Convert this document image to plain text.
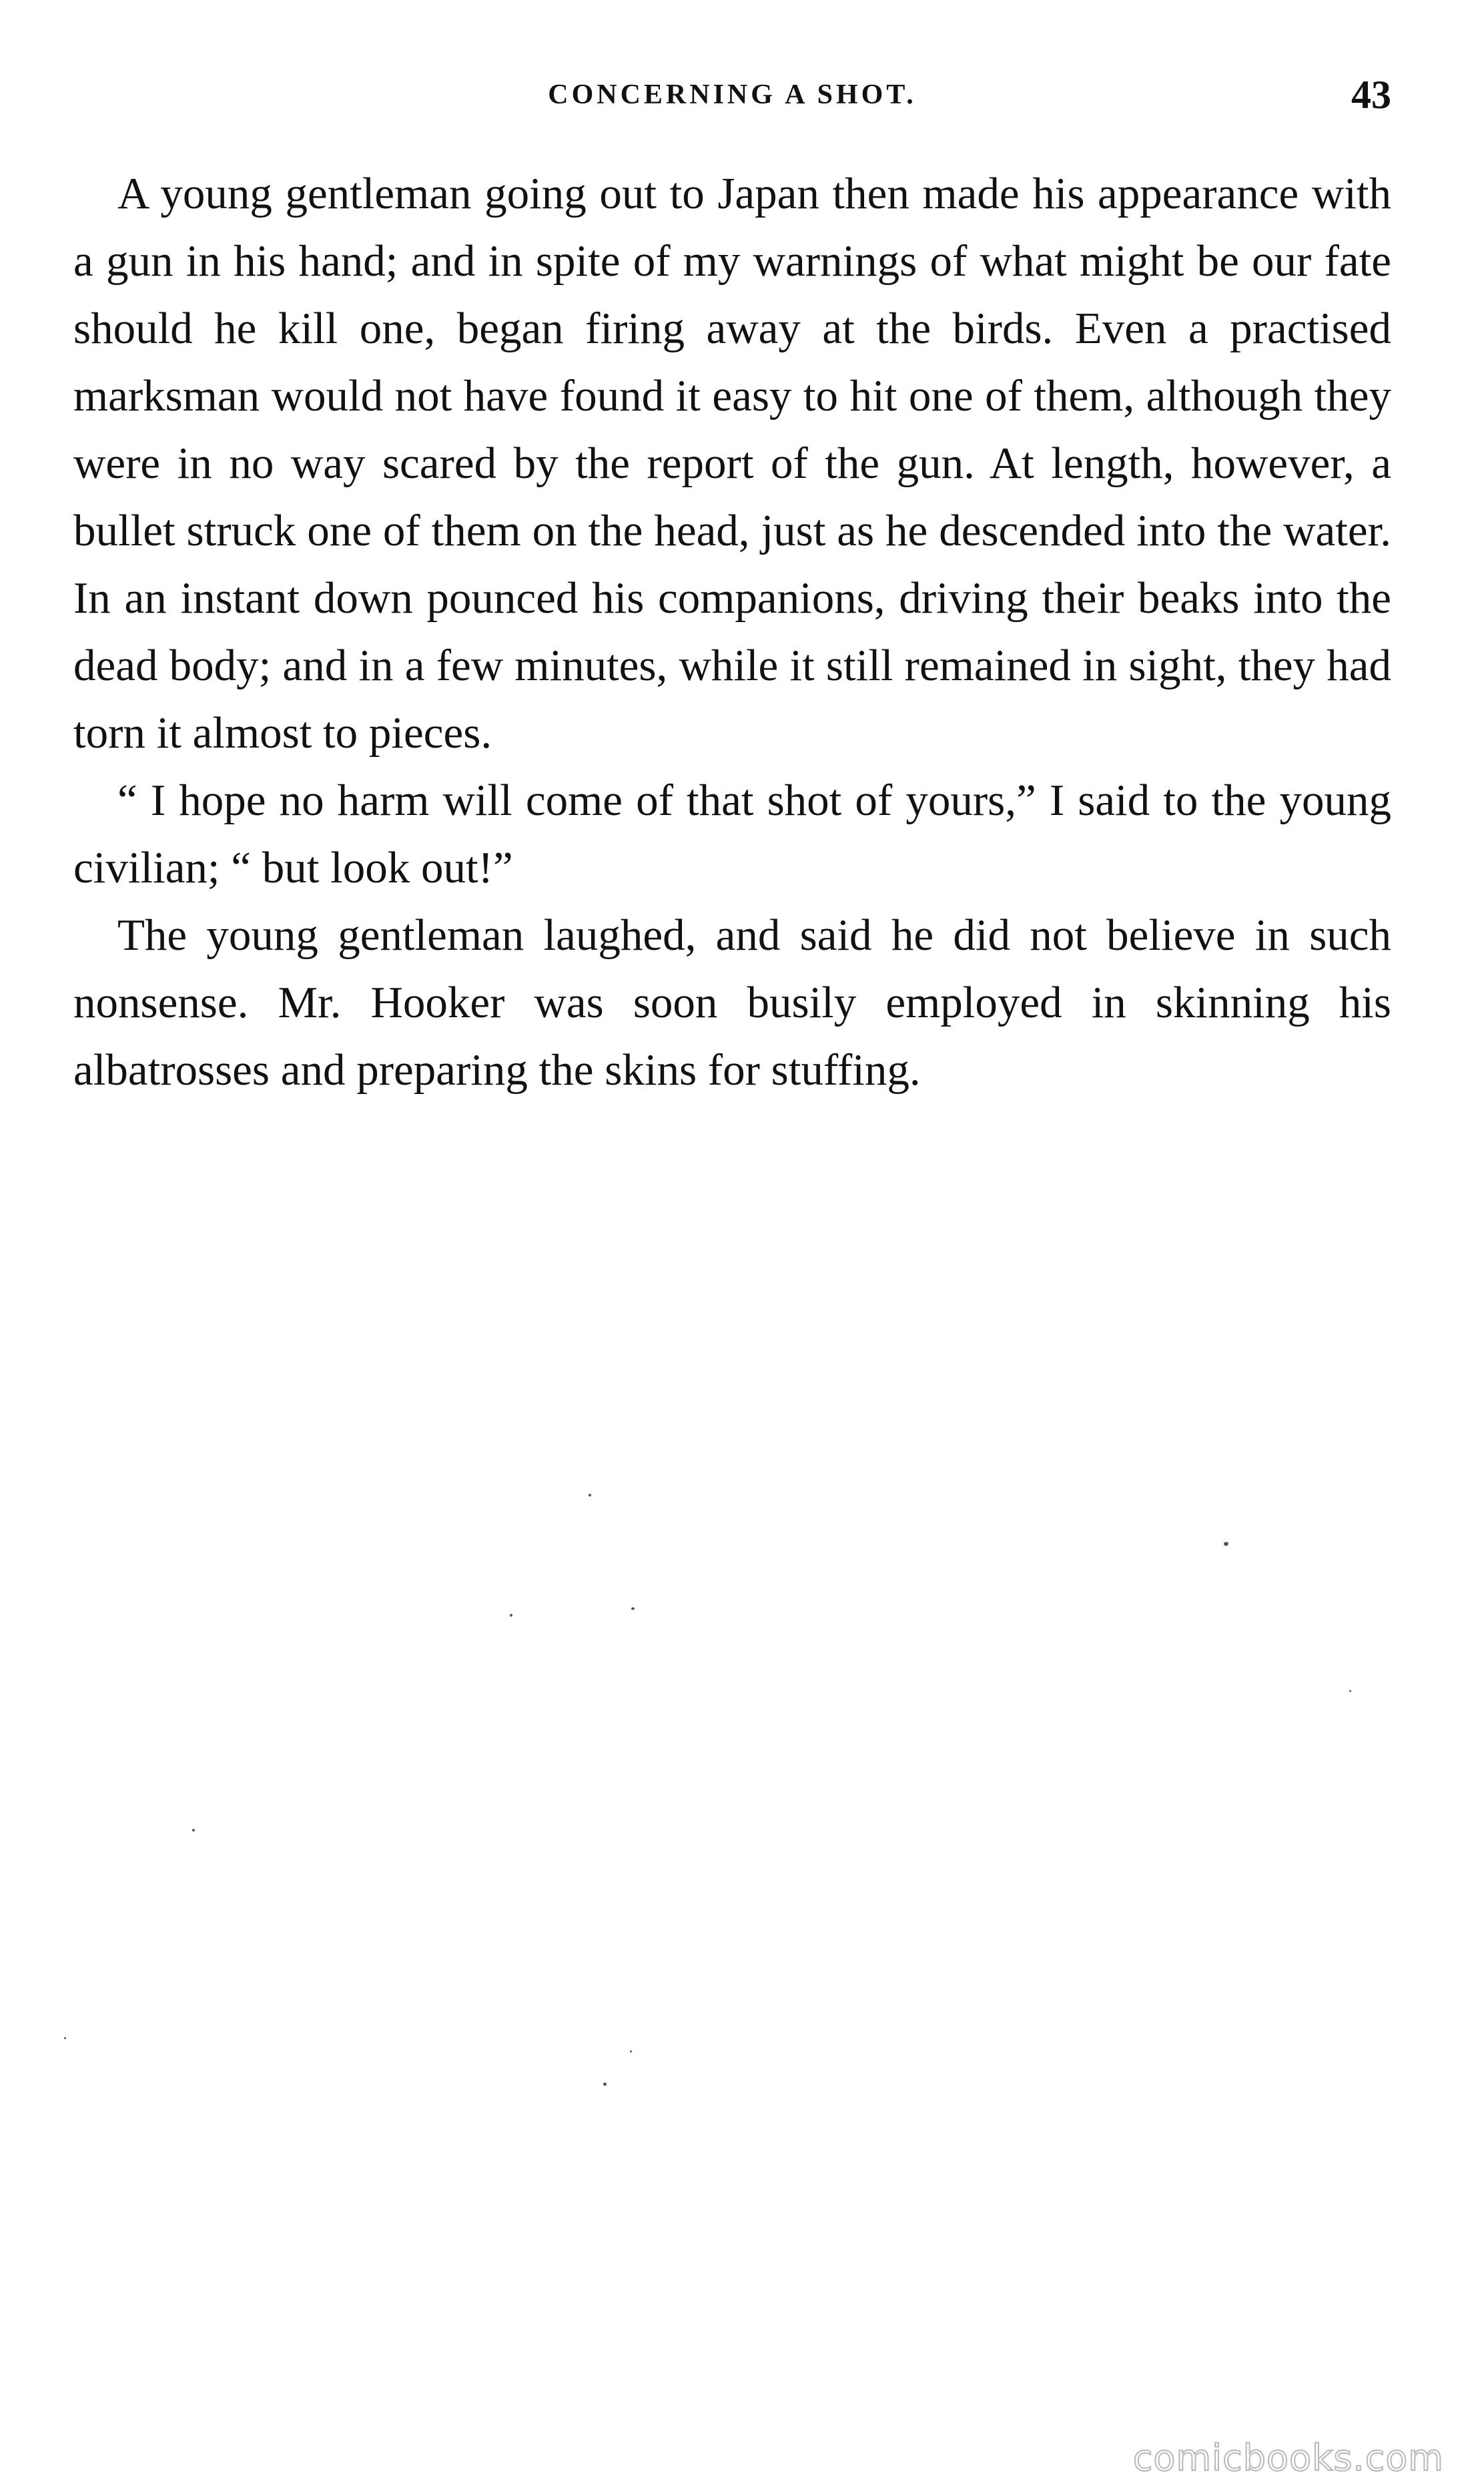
CONCERNING A SHOT.	43

A young gentleman going out to Japan then made his appearance with a gun in his hand; and in spite of my warnings of what might be our fate should he kill one, began firing away at the birds. Even a practised marksman would not have found it easy to hit one of them, although they were in no way scared by the report of the gun. At length, however, a bullet struck one of them on the head, just as he descended into the water. In an instant down pounced his companions, driving their beaks into the dead body; and in a few minutes, while it still remained in sight, they had torn it almost to pieces.

“ I hope no harm will come of that shot of yours,” I said to the young civilian; “ but look out!”

The young gentleman laughed, and said he did not believe in such nonsense. Mr. Hooker was soon busily employed in skinning his albatrosses and preparing the skins for stuffing.

comicbooks.com
